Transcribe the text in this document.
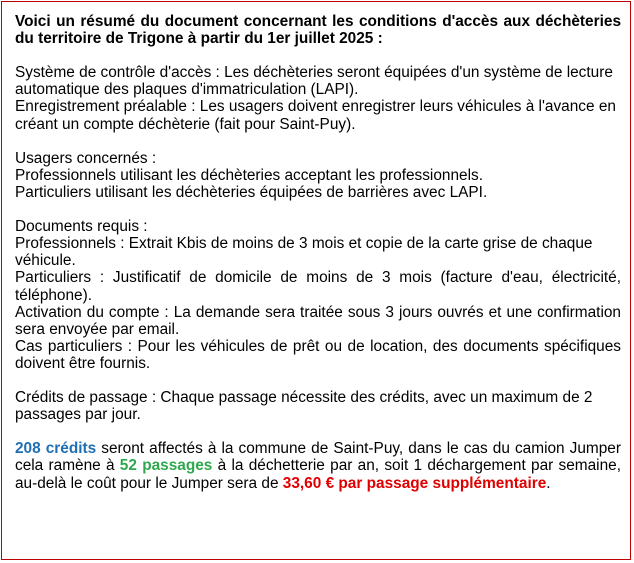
Voici un résumé du document concernant les conditions d'accès aux déchèteries du territoire de Trigone à partir du 1er juillet 2025 :

Système de contrôle d'accès : Les déchèteries seront équipées d'un système de lecture automatique des plaques d'immatriculation (LAPI).

Enregistrement préalable : Les usagers doivent enregistrer leurs véhicules à l'avance en créant un compte déchèterie (fait pour Saint-Puy).

Usagers concernés :

Professionnels utilisant les déchèteries acceptant les professionnels.

Particuliers utilisant les déchèteries équipées de barrières avec LAPI.

Documents requis :

Professionnels : Extrait Kbis de moins de 3 mois et copie de la carte grise de chaque véhicule.

Particuliers : Justificatif de domicile de moins de 3 mois (facture d'eau, électricité, téléphone).

Activation du compte : La demande sera traitée sous 3 jours ouvrés et une confirmation sera envoyée par email.

Cas particuliers : Pour les véhicules de prêt ou de location, des documents spécifiques doivent être fournis.

Crédits de passage : Chaque passage nécessite des crédits, avec un maximum de 2 passages par jour.

208 crédits seront affectés à la commune de Saint-Puy, dans le cas du camion Jumper cela ramène à 52 passages à la déchetterie par an, soit 1 déchargement par semaine, au-delà le coût pour le Jumper sera de 33,60 € par passage supplémentaire.
